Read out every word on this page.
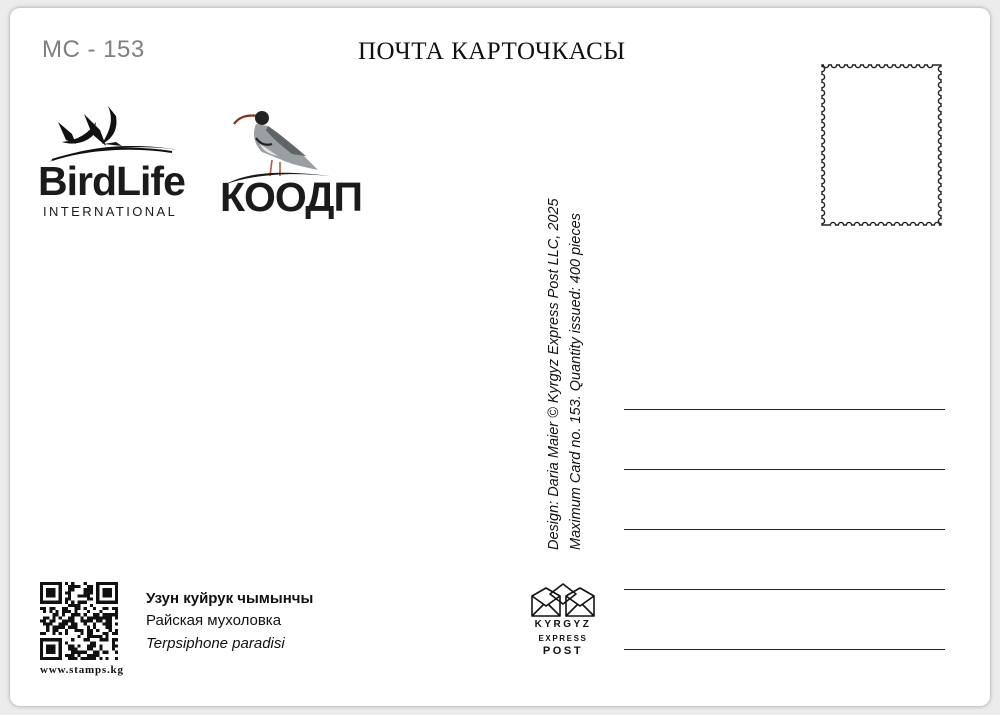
МС - 153	ПОЧТА КАРТОЧКАСЫ
BirdLife
INTERNATIONAL КООДП
Design: Daria Maier © Kyrgyz Express Post LLC, 2025 Maximum Card no. 153. Quantity issued: 400 pieces
www.stamps.kg
Узун куйрук чымынчы
Райская мухоловка
Terpsiphone paradisi
KYRGYZ
EXPRESS
POST
